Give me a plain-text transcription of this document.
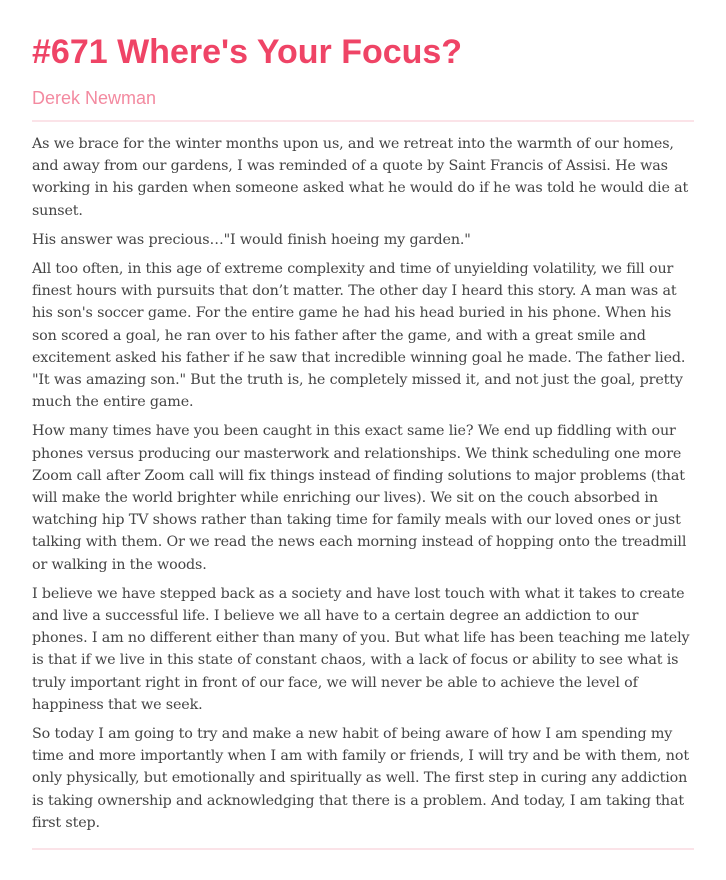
#671 Where's Your Focus?
Derek Newman

As we brace for the winter months upon us, and we retreat into the warmth of our homes, and away from our gardens, I was reminded of a quote by Saint Francis of Assisi. He was working in his garden when someone asked what he would do if he was told he would die at sunset.

His answer was precious…"I would finish hoeing my garden."

All too often, in this age of extreme complexity and time of unyielding volatility, we fill our finest hours with pursuits that don’t matter. The other day I heard this story. A man was at his son's soccer game. For the entire game he had his head buried in his phone. When his son scored a goal, he ran over to his father after the game, and with a great smile and excitement asked his father if he saw that incredible winning goal he made. The father lied. "It was amazing son." But the truth is, he completely missed it, and not just the goal, pretty much the entire game.

How many times have you been caught in this exact same lie? We end up fiddling with our phones versus producing our masterwork and relationships. We think scheduling one more Zoom call after Zoom call will fix things instead of finding solutions to major problems (that will make the world brighter while enriching our lives). We sit on the couch absorbed in watching hip TV shows rather than taking time for family meals with our loved ones or just talking with them. Or we read the news each morning instead of hopping onto the treadmill or walking in the woods.

I believe we have stepped back as a society and have lost touch with what it takes to create and live a successful life. I believe we all have to a certain degree an addiction to our phones. I am no different either than many of you. But what life has been teaching me lately is that if we live in this state of constant chaos, with a lack of focus or ability to see what is truly important right in front of our face, we will never be able to achieve the level of happiness that we seek.

So today I am going to try and make a new habit of being aware of how I am spending my time and more importantly when I am with family or friends, I will try and be with them, not only physically, but emotionally and spiritually as well. The first step in curing any addiction is taking ownership and acknowledging that there is a problem. And today, I am taking that first step.
